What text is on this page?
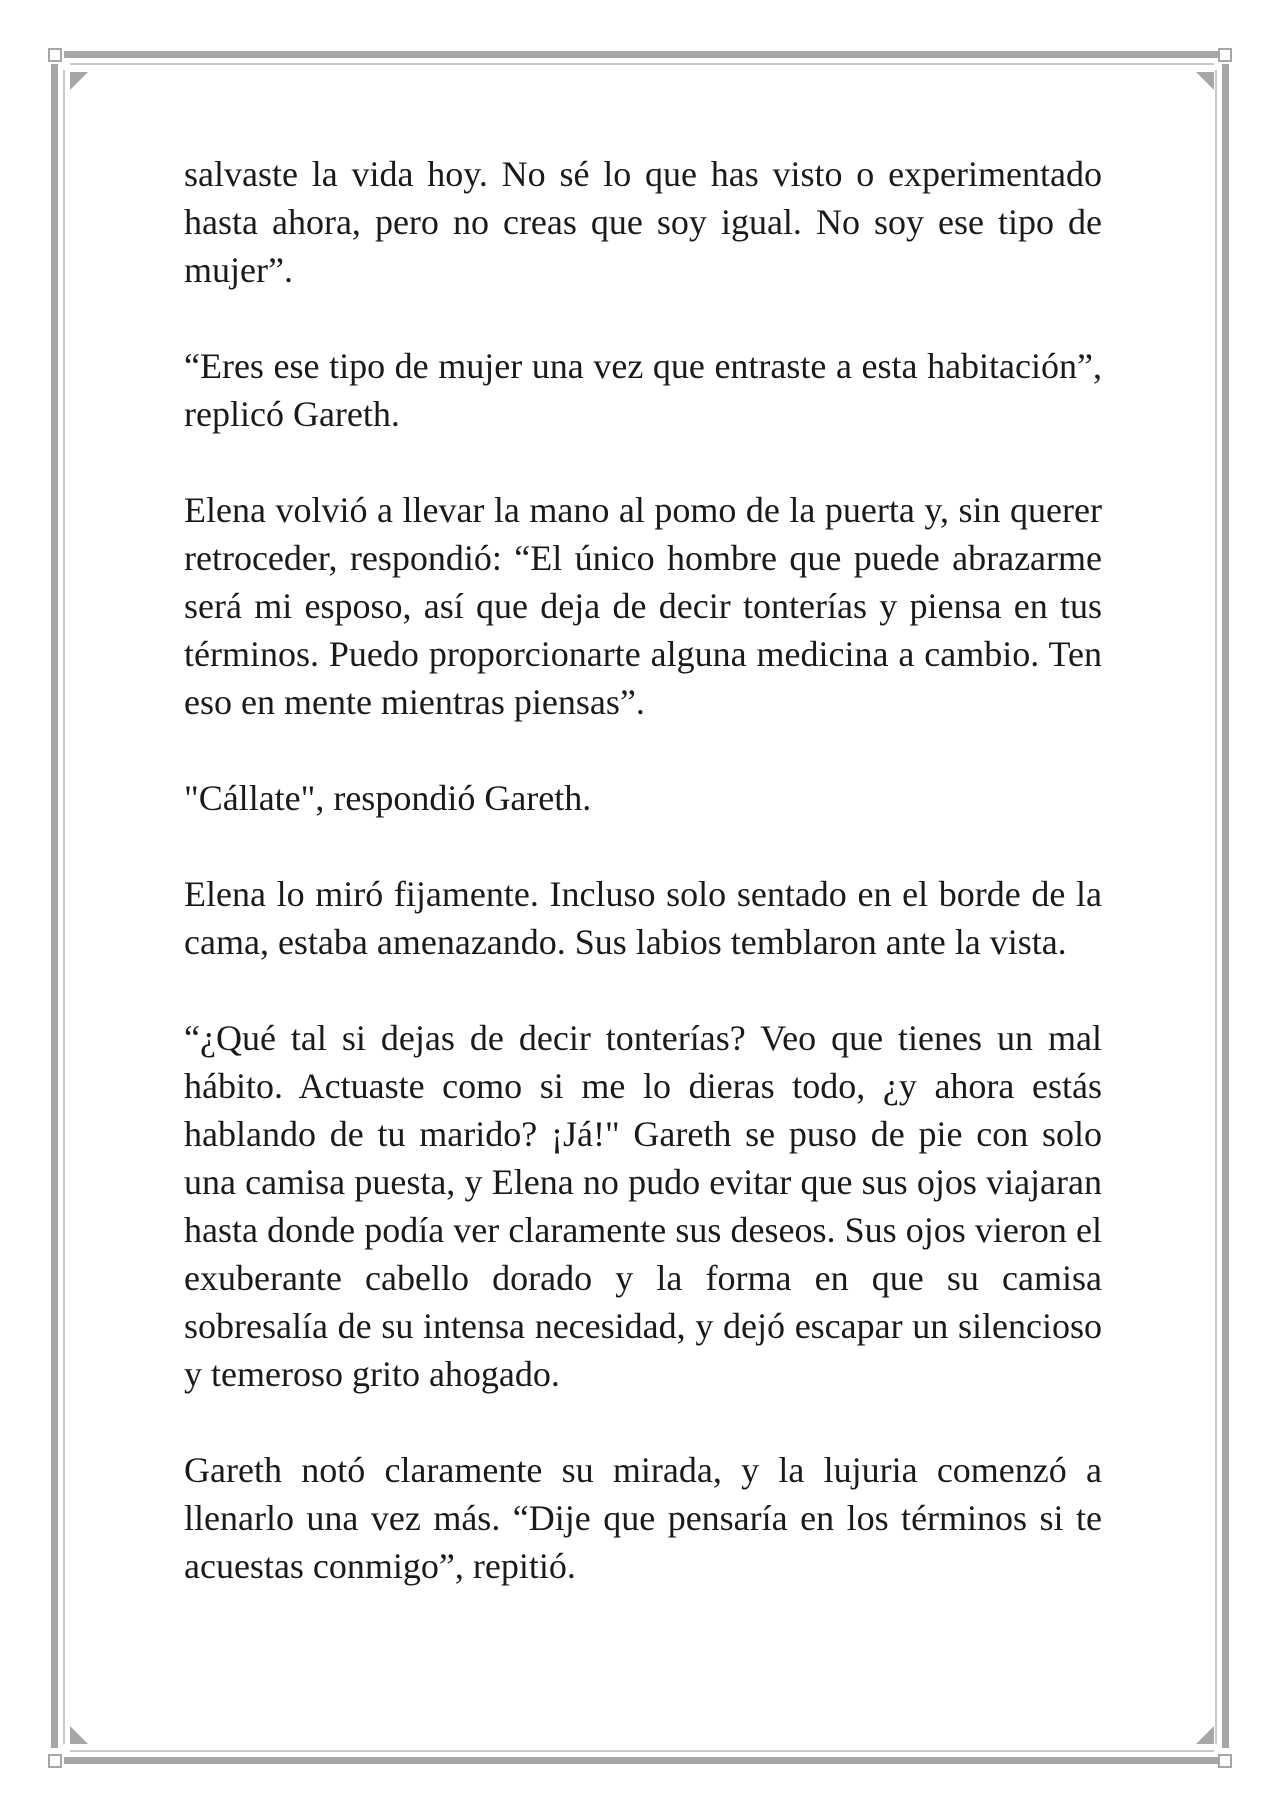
salvaste la vida hoy. No sé lo que has visto o experimentado hasta ahora, pero no creas que soy igual. No soy ese tipo de mujer”.

“Eres ese tipo de mujer una vez que entraste a esta habitación”, replicó Gareth.

Elena volvió a llevar la mano al pomo de la puerta y, sin querer retroceder, respondió: “El único hombre que puede abrazarme será mi esposo, así que deja de decir tonterías y piensa en tus términos. Puedo proporcionarte alguna medicina a cambio. Ten eso en mente mientras piensas”.

"Cállate", respondió Gareth.

Elena lo miró fijamente. Incluso solo sentado en el borde de la cama, estaba amenazando. Sus labios temblaron ante la vista.

“¿Qué tal si dejas de decir tonterías? Veo que tienes un mal hábito. Actuaste como si me lo dieras todo, ¿y ahora estás hablando de tu marido? ¡Já!" Gareth se puso de pie con solo una camisa puesta, y Elena no pudo evitar que sus ojos viajaran hasta donde podía ver claramente sus deseos. Sus ojos vieron el exuberante cabello dorado y la forma en que su camisa sobresalía de su intensa necesidad, y dejó escapar un silencioso y temeroso grito ahogado.

Gareth notó claramente su mirada, y la lujuria comenzó a llenarlo una vez más. “Dije que pensaría en los términos si te acuestas conmigo”, repitió.
